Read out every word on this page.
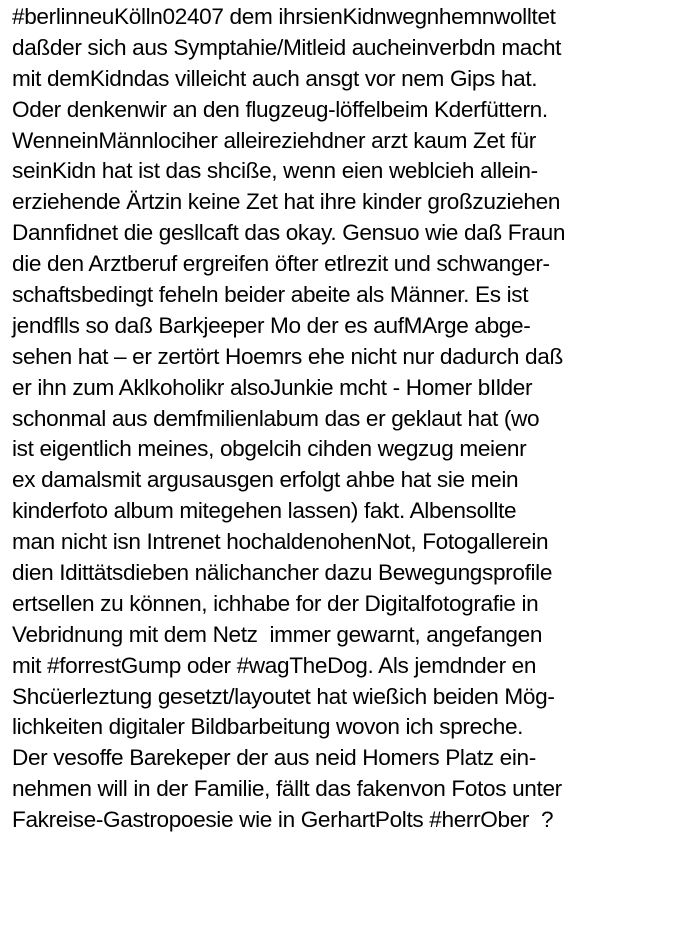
#berlinneuKölln02407 dem ihrsienKidnwegnhemnwolltet
daßder sich aus Symptahie/Mitleid aucheinverbdn macht
mit demKidndas villeicht auch ansgt vor nem Gips hat.
Oder denkenwir an den flugzeug-löffelbeim Kderfüttern.
WenneinMännlociher alleireziehdner arzt kaum Zet für
seinKidn hat ist das shcißе, wenn eien weblcieh allein-
erziehende Ärtzin keine Zet hat ihre kinder großzuziehen
Dannfidnet die gesllcaft das okay. Gensuo wie daß Fraun
die den Arztberuf ergreifen öfter etlrezit und schwanger-
schaftsbedingt feheln beider abeite als Männer. Es ist
jendflls so daß Barkjeeper Mo der es aufMArge abge-
sehen hat – er zertört Hoemrs ehe nicht nur dadurch daß
er ihn zum Aklkoholikr alsoJunkie mcht - Homer bIlder
schonmal aus demfmilienlabum das er geklaut hat (wo
ist eigentlich meines, obgelcih cihden wegzug meienr
ex damalsmit argusausgen erfolgt ahbe hat sie mein
kinderfoto album mitegehen lassen) fakt. Albensollte
man nicht isn Intrenet hochaldenohenNot, Fotogallerein
dien Idittätsdieben nälichancher dazu Bewegungsprofile
ertsellen zu können, ichhabe for der Digitalfotografie in
Vebridnung mit dem Netz  immer gewarnt, angefangen
mit #forrestGump oder #wagTheDog. Als jemdnder en
Shcüerleztung gesetzt/layoutet hat wießich beiden Mög-
lichkeiten digitaler Bildbarbeitung wovon ich spreche.
Der vesoffe Barekeper der aus neid Homers Platz ein-
nehmen will in der Familie, fällt das fakenvon Fotos unter
Fakreise-Gastropoesie wie in GerhartPolts #herrOber  ?
